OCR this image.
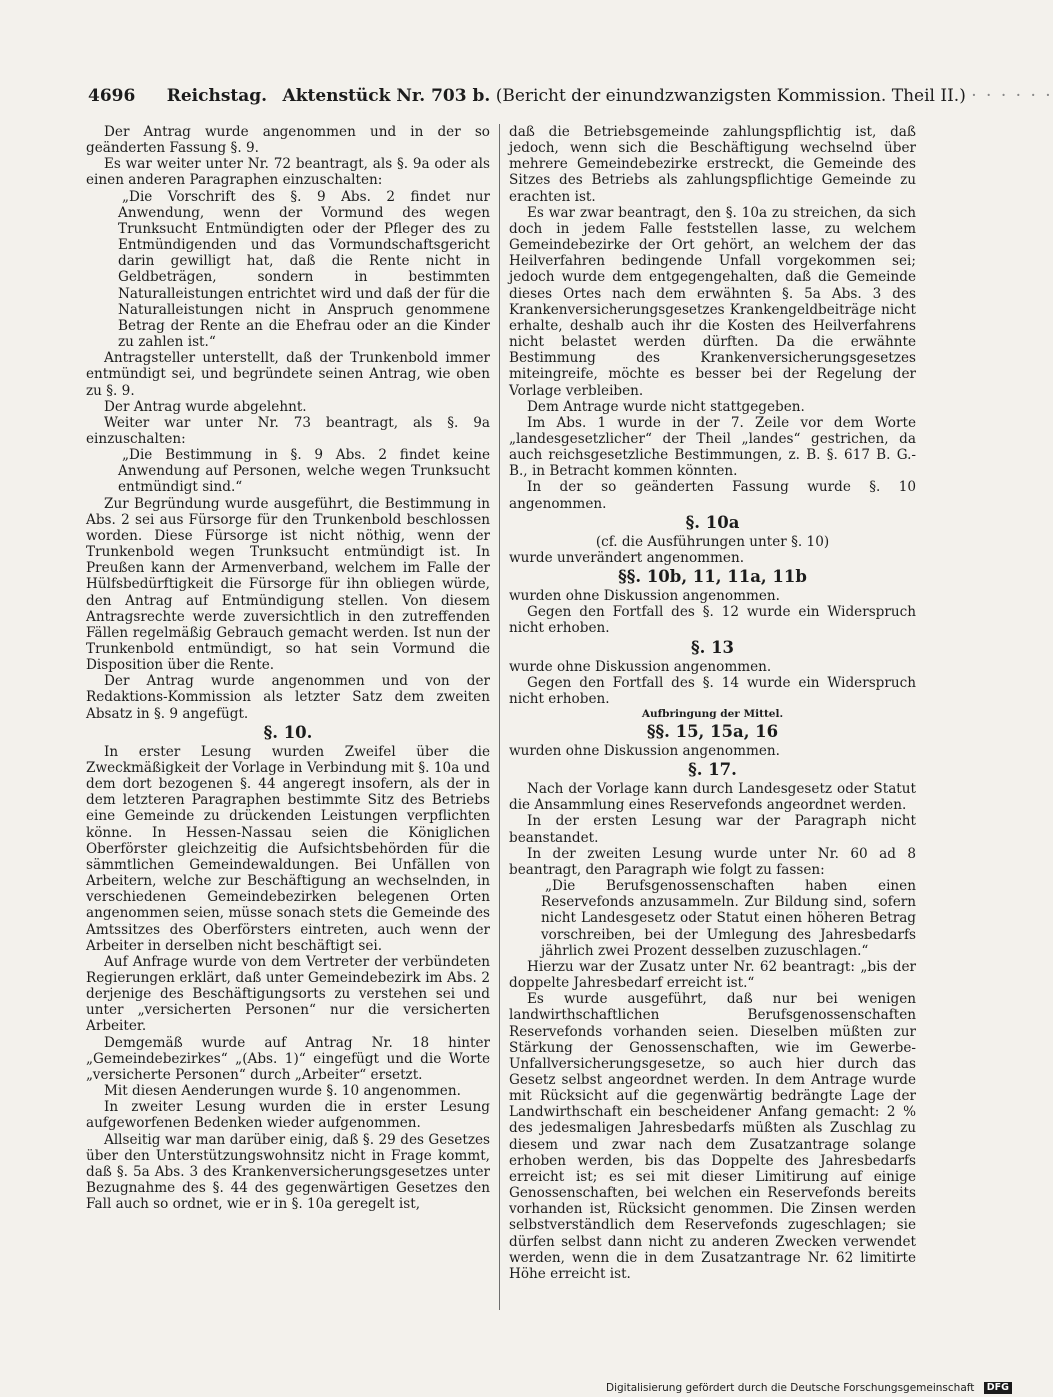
4696 Reichstag. Aktenstück Nr. 703 b. (Bericht der einundzwanzigsten Kommission. Theil II.) · · · · · ·

Der Antrag wurde angenommen und in der so geänderten Fassung §. 9.

Es war weiter unter Nr. 72 beantragt, als §. 9a oder als einen anderen Paragraphen einzuschalten:

„Die Vorschrift des §. 9 Abs. 2 findet nur Anwendung, wenn der Vormund des wegen Trunksucht Entmündigten oder der Pfleger des zu Entmündigenden und das Vormundschaftsgericht darin gewilligt hat, daß die Rente nicht in Geldbeträgen, sondern in bestimmten Naturalleistungen entrichtet wird und daß der für die Naturalleistungen nicht in Anspruch genommene Betrag der Rente an die Ehefrau oder an die Kinder zu zahlen ist.“

Antragsteller unterstellt, daß der Trunkenbold immer entmündigt sei, und begründete seinen Antrag, wie oben zu §. 9.

Der Antrag wurde abgelehnt.

Weiter war unter Nr. 73 beantragt, als §. 9a einzuschalten:

„Die Bestimmung in §. 9 Abs. 2 findet keine Anwendung auf Personen, welche wegen Trunksucht entmündigt sind.“

Zur Begründung wurde ausgeführt, die Bestimmung in Abs. 2 sei aus Fürsorge für den Trunkenbold beschlossen worden. Diese Fürsorge ist nicht nöthig, wenn der Trunkenbold wegen Trunksucht entmündigt ist. In Preußen kann der Armenverband, welchem im Falle der Hülfsbedürftigkeit die Fürsorge für ihn obliegen würde, den Antrag auf Entmündigung stellen. Von diesem Antragsrechte werde zuversichtlich in den zutreffenden Fällen regelmäßig Gebrauch gemacht werden. Ist nun der Trunkenbold entmündigt, so hat sein Vormund die Disposition über die Rente.

Der Antrag wurde angenommen und von der Redaktions-Kommission als letzter Satz dem zweiten Absatz in §. 9 angefügt.

§. 10.

In erster Lesung wurden Zweifel über die Zweckmäßigkeit der Vorlage in Verbindung mit §. 10a und dem dort bezogenen §. 44 angeregt insofern, als der in dem letzteren Paragraphen bestimmte Sitz des Betriebs eine Gemeinde zu drückenden Leistungen verpflichten könne. In Hessen-Nassau seien die Königlichen Oberförster gleichzeitig die Aufsichtsbehörden für die sämmtlichen Gemeindewaldungen. Bei Unfällen von Arbeitern, welche zur Beschäftigung an wechselnden, in verschiedenen Gemeindebezirken belegenen Orten angenommen seien, müsse sonach stets die Gemeinde des Amtssitzes des Oberförsters eintreten, auch wenn der Arbeiter in derselben nicht beschäftigt sei.

Auf Anfrage wurde von dem Vertreter der verbündeten Regierungen erklärt, daß unter Gemeindebezirk im Abs. 2 derjenige des Beschäftigungsorts zu verstehen sei und unter „versicherten Personen“ nur die versicherten Arbeiter.

Demgemäß wurde auf Antrag Nr. 18 hinter „Gemeindebezirkes“ „(Abs. 1)“ eingefügt und die Worte „versicherte Personen“ durch „Arbeiter“ ersetzt.

Mit diesen Aenderungen wurde §. 10 angenommen.

In zweiter Lesung wurden die in erster Lesung aufgeworfenen Bedenken wieder aufgenommen.

Allseitig war man darüber einig, daß §. 29 des Gesetzes über den Unterstützungswohnsitz nicht in Frage kommt, daß §. 5a Abs. 3 des Krankenversicherungsgesetzes unter Bezugnahme des §. 44 des gegenwärtigen Gesetzes den Fall auch so ordnet, wie er in §. 10a geregelt ist,

daß die Betriebsgemeinde zahlungspflichtig ist, daß jedoch, wenn sich die Beschäftigung wechselnd über mehrere Gemeindebezirke erstreckt, die Gemeinde des Sitzes des Betriebs als zahlungspflichtige Gemeinde zu erachten ist.

Es war zwar beantragt, den §. 10a zu streichen, da sich doch in jedem Falle feststellen lasse, zu welchem Gemeindebezirke der Ort gehört, an welchem der das Heilverfahren bedingende Unfall vorgekommen sei; jedoch wurde dem entgegengehalten, daß die Gemeinde dieses Ortes nach dem erwähnten §. 5a Abs. 3 des Krankenversicherungsgesetzes Krankengeldbeiträge nicht erhalte, deshalb auch ihr die Kosten des Heilverfahrens nicht belastet werden dürften. Da die erwähnte Bestimmung des Krankenversicherungsgesetzes miteingreife, möchte es besser bei der Regelung der Vorlage verbleiben.

Dem Antrage wurde nicht stattgegeben.

Im Abs. 1 wurde in der 7. Zeile vor dem Worte „landesgesetzlicher“ der Theil „landes“ gestrichen, da auch reichsgesetzliche Bestimmungen, z. B. §. 617 B. G.-B., in Betracht kommen könnten.

In der so geänderten Fassung wurde §. 10 angenommen.

§. 10a

(cf. die Ausführungen unter §. 10)

wurde unverändert angenommen.

§§. 10b, 11, 11a, 11b

wurden ohne Diskussion angenommen.

Gegen den Fortfall des §. 12 wurde ein Widerspruch nicht erhoben.

§. 13

wurde ohne Diskussion angenommen.

Gegen den Fortfall des §. 14 wurde ein Widerspruch nicht erhoben.

Aufbringung der Mittel.
§§. 15, 15a, 16

wurden ohne Diskussion angenommen.

§. 17.

Nach der Vorlage kann durch Landesgesetz oder Statut die Ansammlung eines Reservefonds angeordnet werden.

In der ersten Lesung war der Paragraph nicht beanstandet.

In der zweiten Lesung wurde unter Nr. 60 ad 8 beantragt, den Paragraph wie folgt zu fassen:

„Die Berufsgenossenschaften haben einen Reservefonds anzusammeln. Zur Bildung sind, sofern nicht Landesgesetz oder Statut einen höheren Betrag vorschreiben, bei der Umlegung des Jahresbedarfs jährlich zwei Prozent desselben zuzuschlagen.“

Hierzu war der Zusatz unter Nr. 62 beantragt: „bis der doppelte Jahresbedarf erreicht ist.“

Es wurde ausgeführt, daß nur bei wenigen landwirthschaftlichen Berufsgenossenschaften Reservefonds vorhanden seien. Dieselben müßten zur Stärkung der Genossenschaften, wie im Gewerbe-Unfallversicherungsgesetze, so auch hier durch das Gesetz selbst angeordnet werden. In dem Antrage wurde mit Rücksicht auf die gegenwärtig bedrängte Lage der Landwirthschaft ein bescheidener Anfang gemacht: 2 % des jedesmaligen Jahresbedarfs müßten als Zuschlag zu diesem und zwar nach dem Zusatzantrage solange erhoben werden, bis das Doppelte des Jahresbedarfs erreicht ist; es sei mit dieser Limitirung auf einige Genossenschaften, bei welchen ein Reservefonds bereits vorhanden ist, Rücksicht genommen. Die Zinsen werden selbstverständlich dem Reservefonds zugeschlagen; sie dürfen selbst dann nicht zu anderen Zwecken verwendet werden, wenn die in dem Zusatzantrage Nr. 62 limitirte Höhe erreicht ist.

Digitalisierung gefördert durch die Deutsche Forschungsgemeinschaft DFG
